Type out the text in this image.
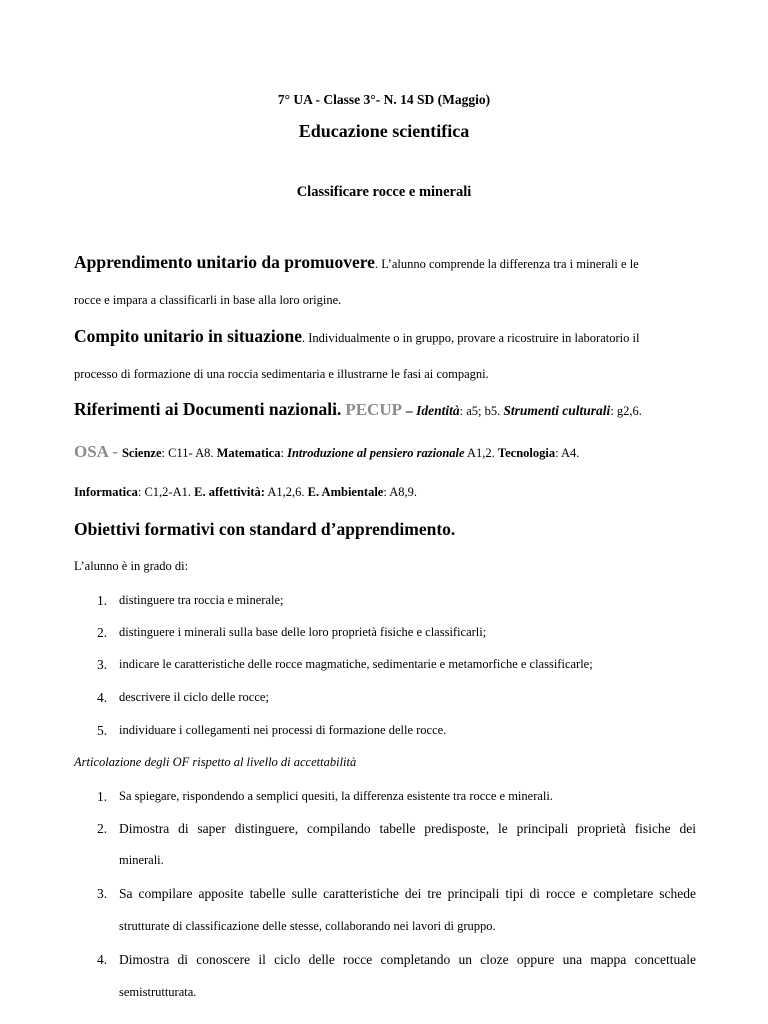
7° UA - Classe 3°- N. 14 SD (Maggio)
Educazione scientifica
Classificare rocce e minerali
Apprendimento unitario da promuovere. L’alunno comprende la differenza tra i minerali e le
rocce e impara a classificarli in base alla loro origine.
Compito unitario in situazione. Individualmente o in gruppo, provare a ricostruire in laboratorio il
processo di formazione di una roccia sedimentaria e illustrarne le fasi ai compagni.
Riferimenti ai Documenti nazionali. PECUP – Identità: a5; b5. Strumenti culturali: g2,6.
OSA - Scienze: C11- A8. Matematica: Introduzione al pensiero razionale A1,2. Tecnologia: A4.
Informatica: C1,2-A1. E. affettività: A1,2,6. E. Ambientale: A8,9.
Obiettivi formativi con standard d’apprendimento.
L’alunno è in grado di:
1. distinguere tra roccia e minerale;
2. distinguere i minerali sulla base delle loro proprietà fisiche e classificarli;
3. indicare le caratteristiche delle rocce magmatiche, sedimentarie e metamorfiche e classificarle;
4. descrivere il ciclo delle rocce;
5. individuare i collegamenti nei processi di formazione delle rocce.
Articolazione degli OF rispetto al livello di accettabilità
1. Sa spiegare, rispondendo a semplici quesiti, la differenza esistente tra rocce e minerali.
2. Dimostra di saper distinguere, compilando tabelle predisposte, le principali proprietà fisiche dei
minerali.
3. Sa compilare apposite tabelle sulle caratteristiche dei tre principali tipi di rocce e completare schede
strutturate di classificazione delle stesse, collaborando nei lavori di gruppo.
4. Dimostra di conoscere il ciclo delle rocce completando un cloze oppure una mappa concettuale
semistrutturata.
